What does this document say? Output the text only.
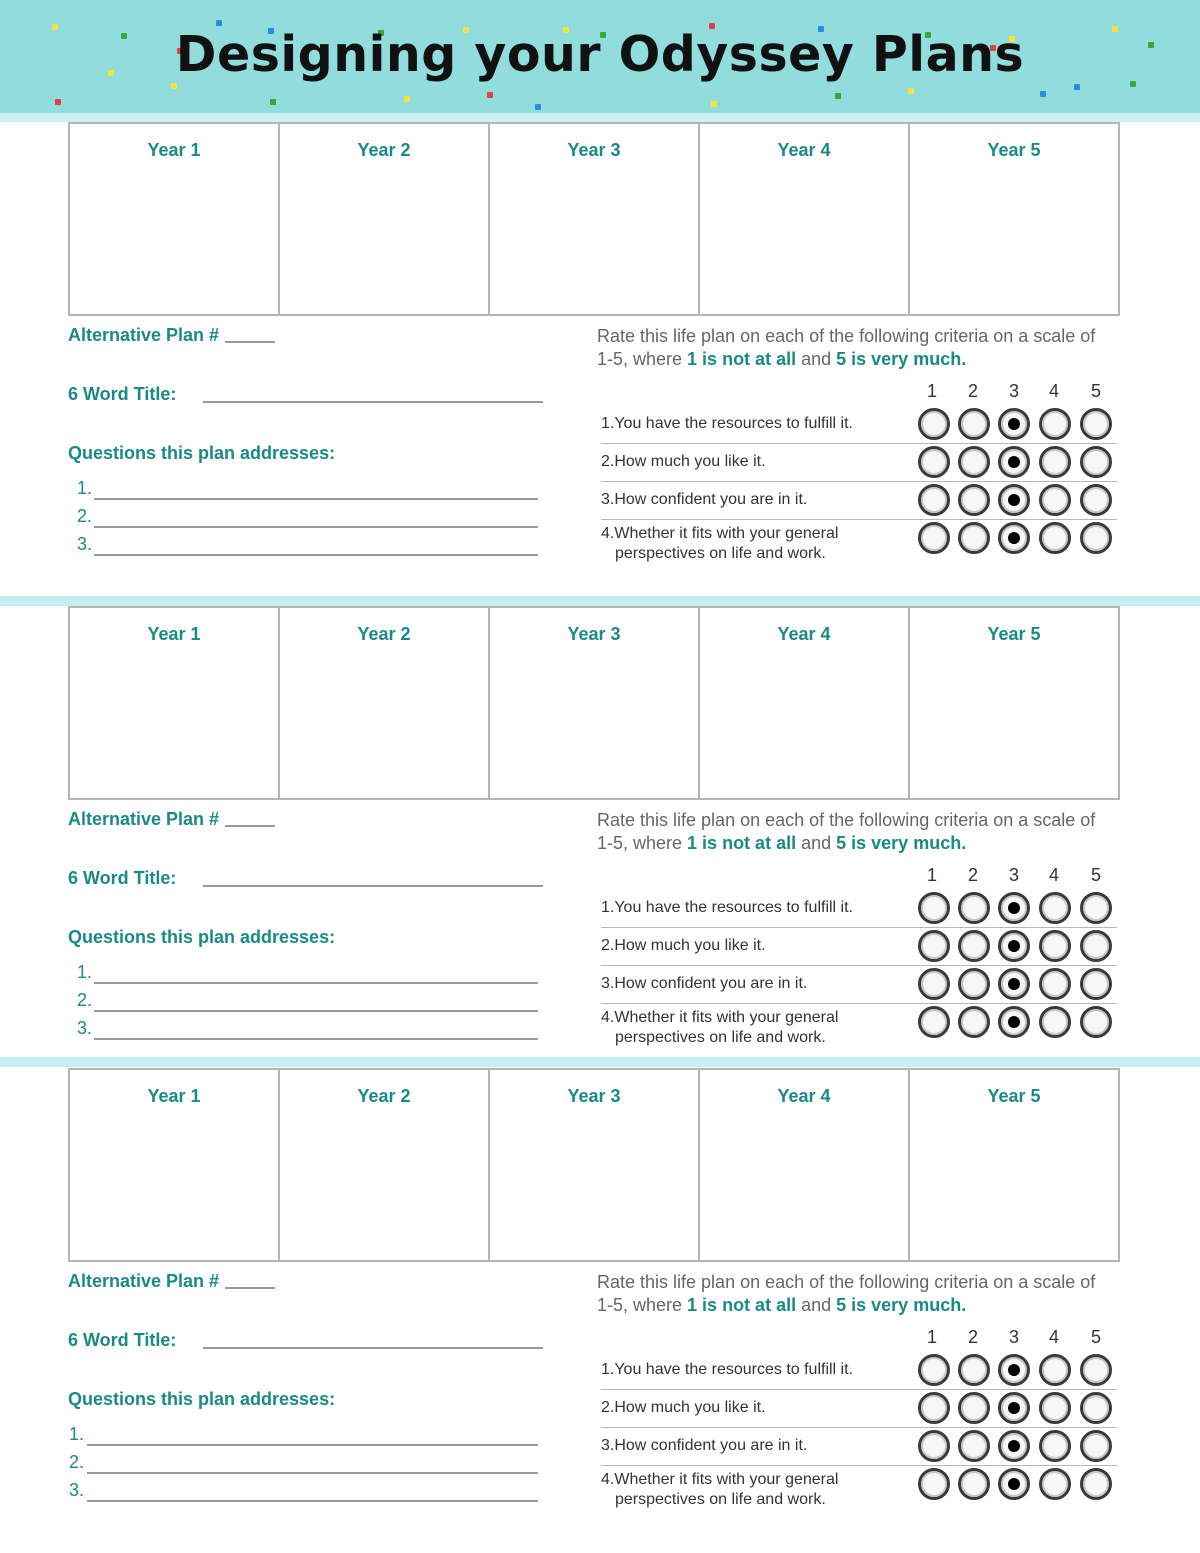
Designing your Odyssey Plans
Year 1	Year 2	Year 3	Year 4	Year 5
Alternative Plan #
6 Word Title:
Questions this plan addresses:
1.
2.
3.
Rate this life plan on each of the following criteria on a scale of 1-5, where 1 is not at all and 5 is very much.
1 2 3 4 5
1.You have the resources to fulfill it.
2.How much you like it.
3.How confident you are in it.
4.Whether it fits with your general
perspectives on life and work.
Year 1	Year 2	Year 3	Year 4	Year 5
Alternative Plan #
6 Word Title:
Questions this plan addresses:
1.
2.
3.
Rate this life plan on each of the following criteria on a scale of 1-5, where 1 is not at all and 5 is very much.
1 2 3 4 5
1.You have the resources to fulfill it.
2.How much you like it.
3.How confident you are in it.
4.Whether it fits with your general
perspectives on life and work.
Year 1	Year 2	Year 3	Year 4	Year 5
Alternative Plan #
6 Word Title:
Questions this plan addresses:
1.
2.
3.
Rate this life plan on each of the following criteria on a scale of 1-5, where 1 is not at all and 5 is very much.
1 2 3 4 5
1.You have the resources to fulfill it.
2.How much you like it.
3.How confident you are in it.
4.Whether it fits with your general
perspectives on life and work.
